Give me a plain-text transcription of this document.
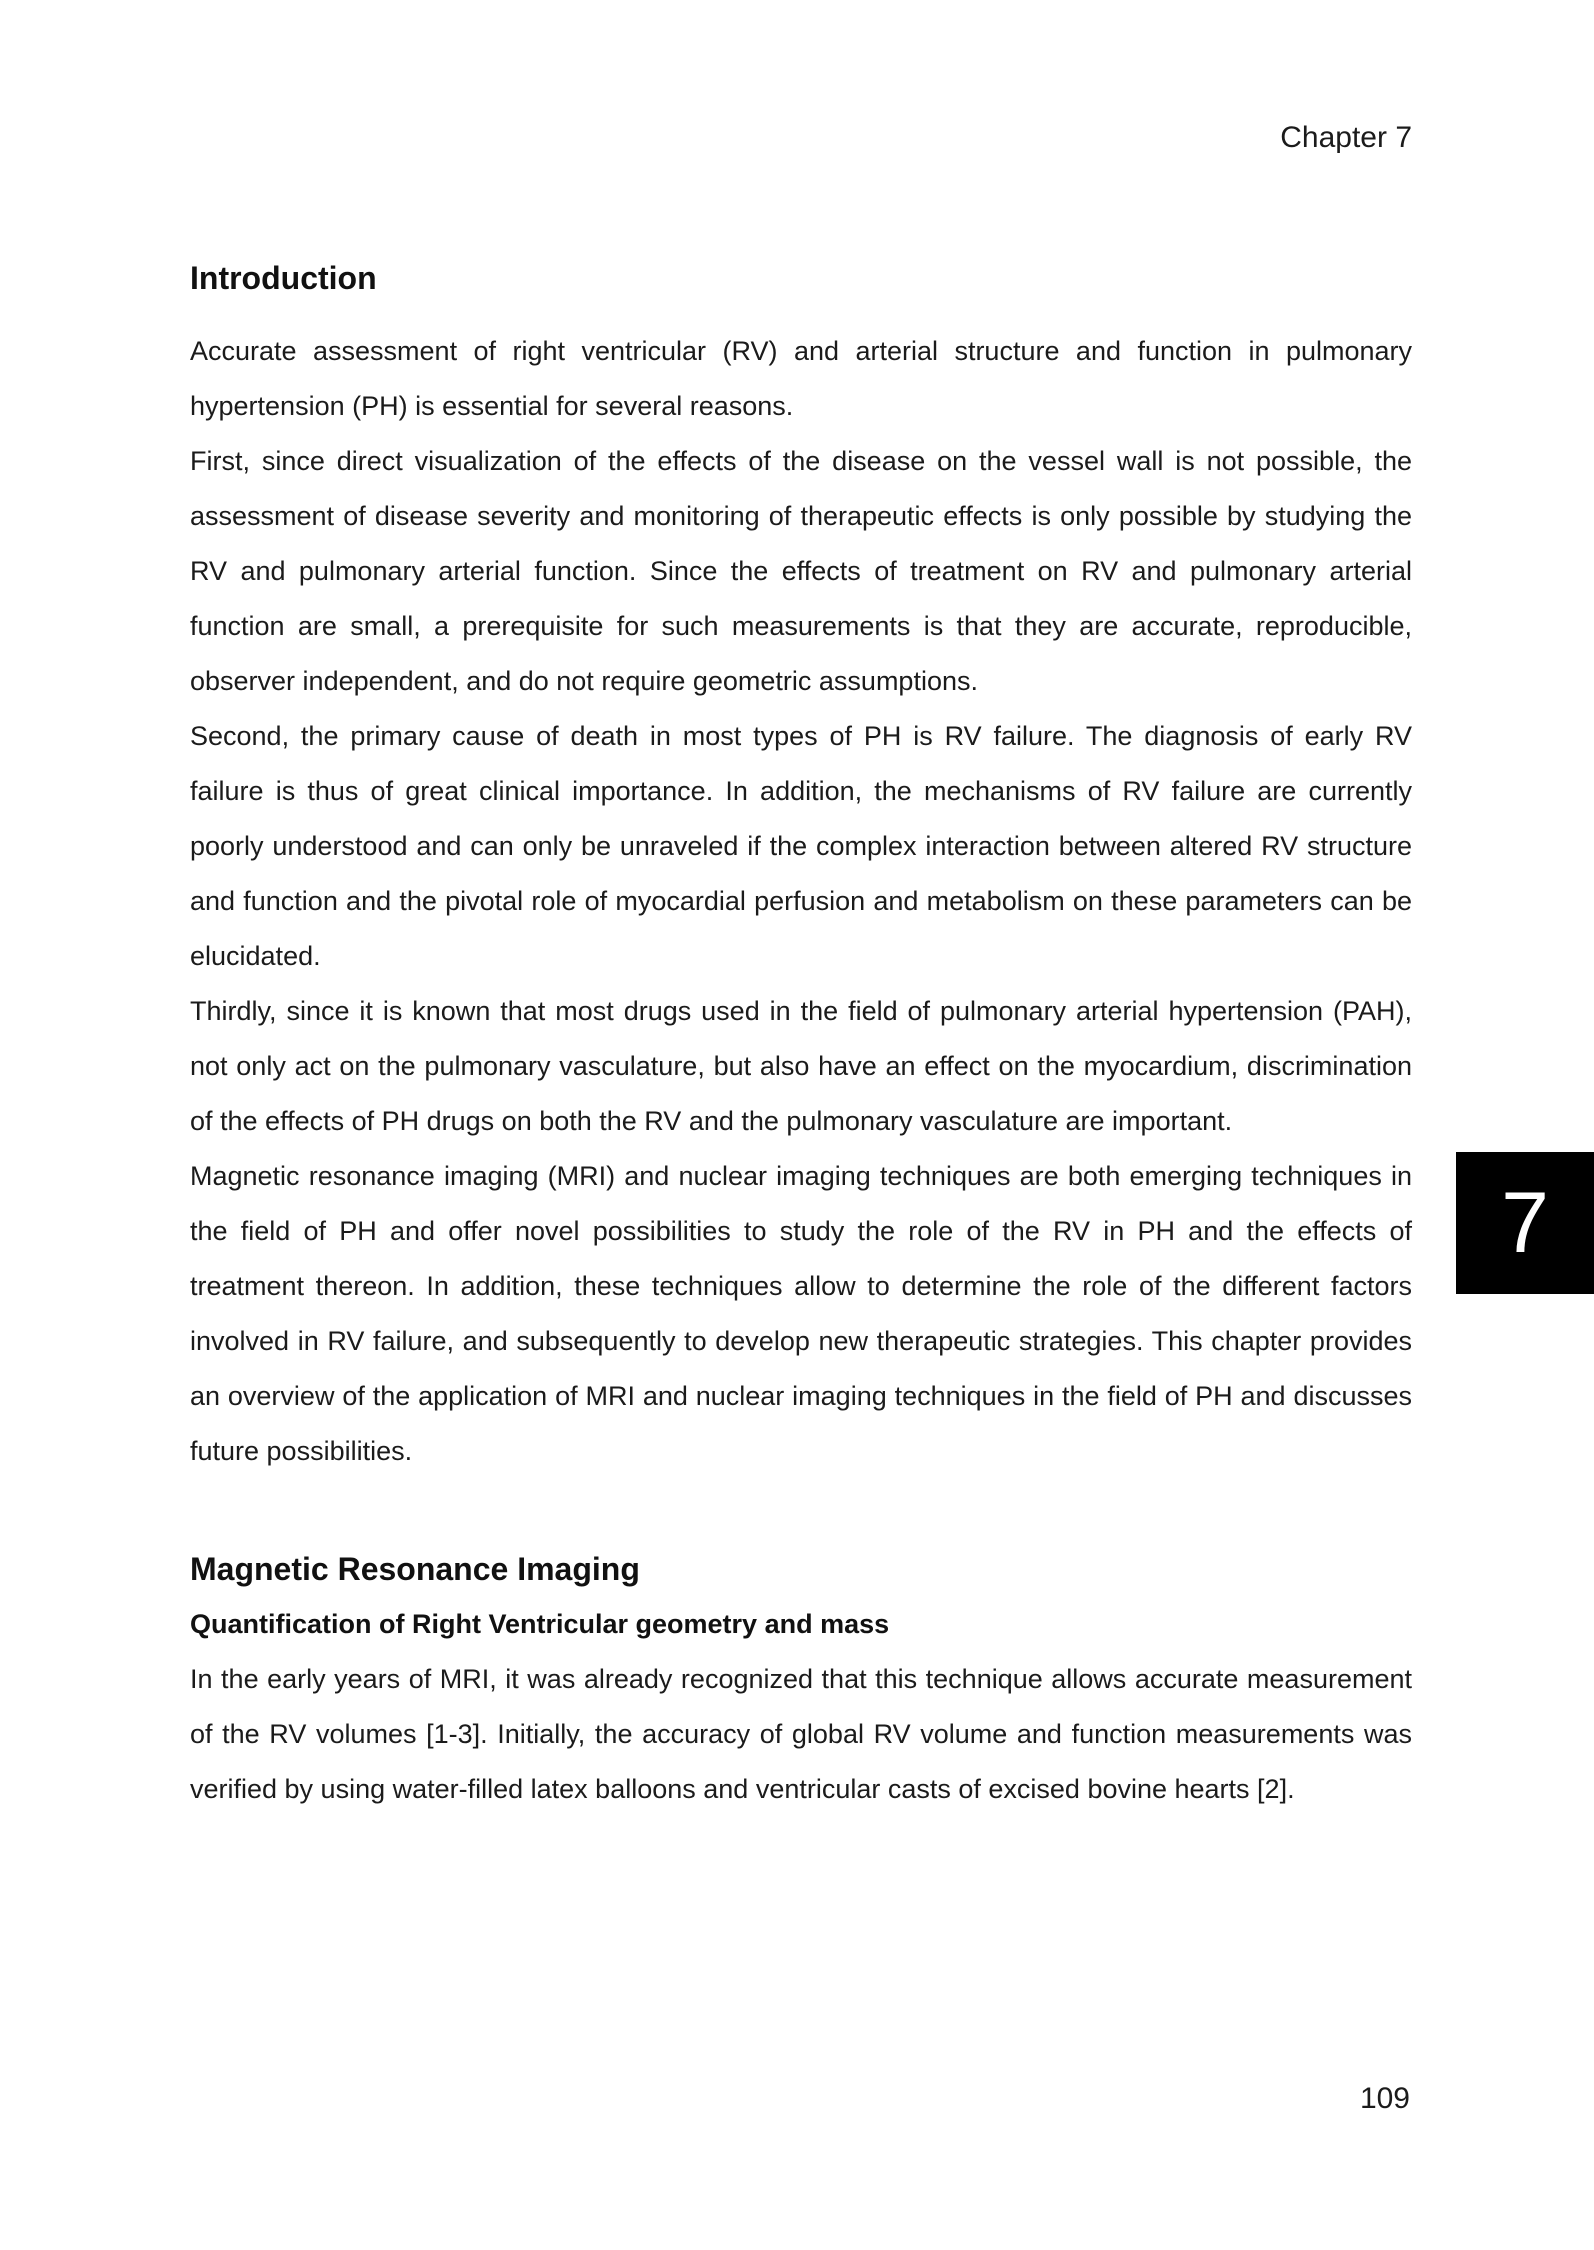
Chapter 7
Introduction

Accurate assessment of right ventricular (RV) and arterial structure and function in pulmonary hypertension (PH) is essential for several reasons.

First, since direct visualization of the effects of the disease on the vessel wall is not possible, the assessment of disease severity and monitoring of therapeutic effects is only possible by studying the RV and pulmonary arterial function. Since the effects of treatment on RV and pulmonary arterial function are small, a prerequisite for such measurements is that they are accurate, reproducible, observer independent, and do not require geometric assumptions.

Second, the primary cause of death in most types of PH is RV failure. The diagnosis of early RV failure is thus of great clinical importance. In addition, the mechanisms of RV failure are currently poorly understood and can only be unraveled if the complex interaction between altered RV structure and function and the pivotal role of myocardial perfusion and metabolism on these parameters can be elucidated.

Thirdly, since it is known that most drugs used in the field of pulmonary arterial hypertension (PAH), not only act on the pulmonary vasculature, but also have an effect on the myocardium, discrimination of the effects of PH drugs on both the RV and the pulmonary vasculature are important.

Magnetic resonance imaging (MRI) and nuclear imaging techniques are both emerging techniques in the field of PH and offer novel possibilities to study the role of the RV in PH and the effects of treatment thereon. In addition, these techniques allow to determine the role of the different factors involved in RV failure, and subsequently to develop new therapeutic strategies. This chapter provides an overview of the application of MRI and nuclear imaging techniques in the field of PH and discusses future possibilities.

Magnetic Resonance Imaging
Quantification of Right Ventricular geometry and mass

In the early years of MRI, it was already recognized that this technique allows accurate measurement of the RV volumes [1-3]. Initially, the accuracy of global RV volume and function measurements was verified by using water-filled latex balloons and ventricular casts of excised bovine hearts [2].

7
109
